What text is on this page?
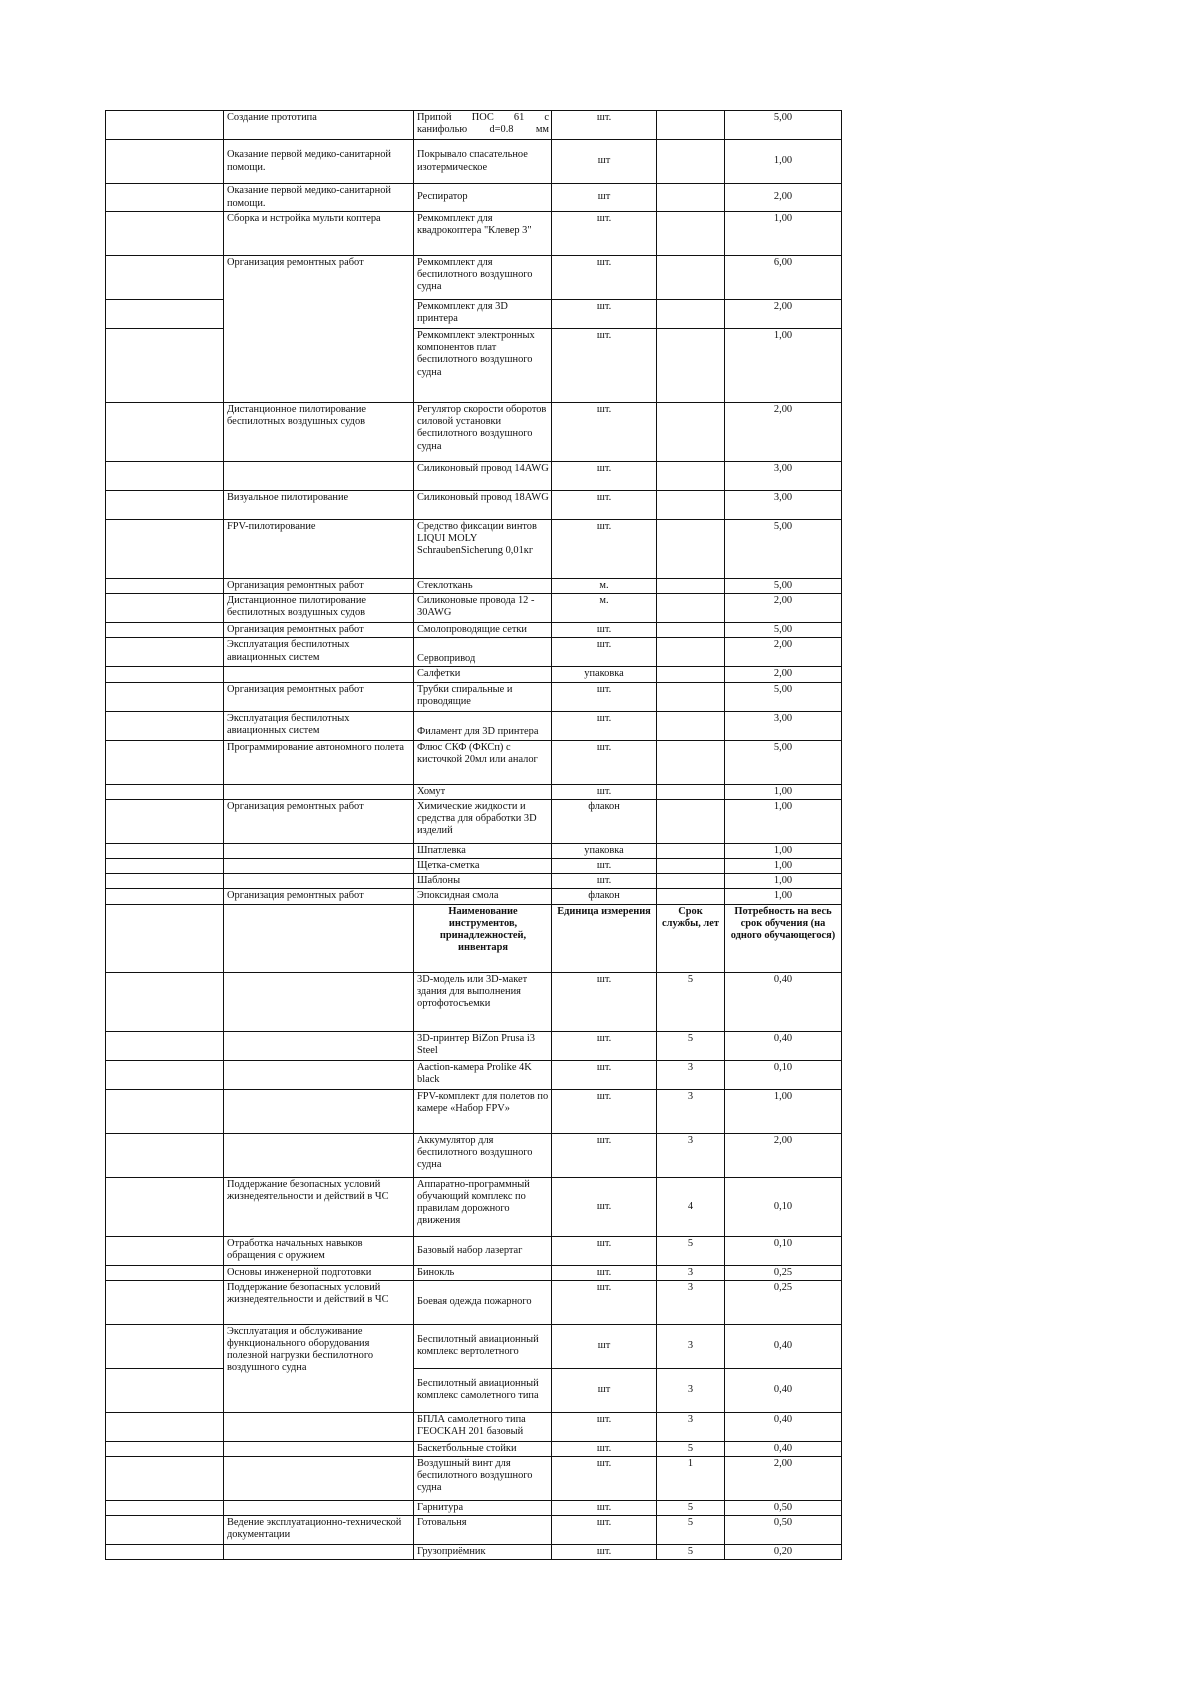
	Создание прототипа	Припой ПОС 61 с канифолью d=0.8 мм	шт.		5,00
	Оказание первой медико-санитарной помощи.	Покрывало спасательное изотермическое	шт		1,00
	Оказание первой медико-санитарной помощи.	Респиратор	шт		2,00
	Сборка и нстройка мульти коптера	Ремкомплект для квадрокоптера "Клевер 3"	шт.		1,00
	Организация ремонтных работ	Ремкомплект для беспилотного воздушного судна	шт.		6,00
		Ремкомплект для 3D принтера	шт.		2,00
		Ремкомплект электронных компонентов плат беспилотного воздушного судна	шт.		1,00
	Дистанционное пилотирование беспилотных воздушных судов	Регулятор скорости оборотов силовой установки беспилотного воздушного судна	шт.		2,00
		Силиконовый провод 14AWG	шт.		3,00
	Визуальное пилотирование	Силиконовый провод 18AWG	шт.		3,00
	FPV-пилотирование	Средство фиксации винтов LIQUI MOLY SchraubenSicherung 0,01кг	шт.		5,00
	Организация ремонтных работ	Стеклоткань	м.		5,00
	Дистанционное пилотирование беспилотных воздушных судов	Силиконовые провода 12 - 30AWG	м.		2,00
	Организация ремонтных работ	Смолопроводящие сетки	шт.		5,00
	Эксплуатация беспилотных авиационных систем	Сервопривод	шт.		2,00
		Салфетки	упаковка		2,00
	Организация ремонтных работ	Трубки спиральные и проводящие	шт.		5,00
	Эксплуатация беспилотных авиационных систем	Филамент для 3D принтера	шт.		3,00
	Программирование автономного полета	Флюс СКФ (ФКСп) с кисточкой 20мл или аналог	шт.		5,00
		Хомут	шт.		1,00
	Организация ремонтных работ	Химические жидкости и средства для обработки 3D изделий	флакон		1,00
		Шпатлевка	упаковка		1,00
		Щетка-сметка	шт.		1,00
		Шаблоны	шт.		1,00
	Организация ремонтных работ	Эпоксидная смола	флакон		1,00
		Наименование инструментов, принадлежностей, инвентаря	Единица измерения	Срок службы, лет	Потребность на весь срок обучения (на одного обучающегося)
		3D-модель или 3D-макет здания для выполнения ортофотосъемки	шт.	5	0,40
		3D-принтер BiZon Prusa i3 Steel	шт.	5	0,40
		Aaction-камера Prolike 4K black	шт.	3	0,10
		FPV-комплект для полетов по камере «Набор FPV»	шт.	3	1,00
		Аккумулятор для беспилотного воздушного судна	шт.	3	2,00
	Поддержание безопасных условий жизнедеятельности и действий в ЧС	Аппаратно-программный обучающий комплекс по правилам дорожного движения	шт.	4	0,10
	Отработка начальных навыков обращения с оружием	Базовый набор лазертаг	шт.	5	0,10
	Основы инженерной подготовки	Бинокль	шт.	3	0,25
	Поддержание безопасных условий жизнедеятельности и действий в ЧС	Боевая одежда пожарного	шт.	3	0,25
	Эксплуатация и обслуживание функционального оборудования полезной нагрузки беспилотного воздушного судна	Беспилотный авиационный комплекс вертолетного	шт	3	0,40
		Беспилотный авиационный комплекс самолетного типа	шт	3	0,40
		БПЛА самолетного типа ГЕОСКАН 201 базовый	шт.	3	0,40
		Баскетбольные стойки	шт.	5	0,40
		Воздушный винт для беспилотного воздушного судна	шт.	1	2,00
		Гарнитура	шт.	5	0,50
	Ведение эксплуатационно-технической документации	Готовальня	шт.	5	0,50
		Грузоприёмник	шт.	5	0,20
